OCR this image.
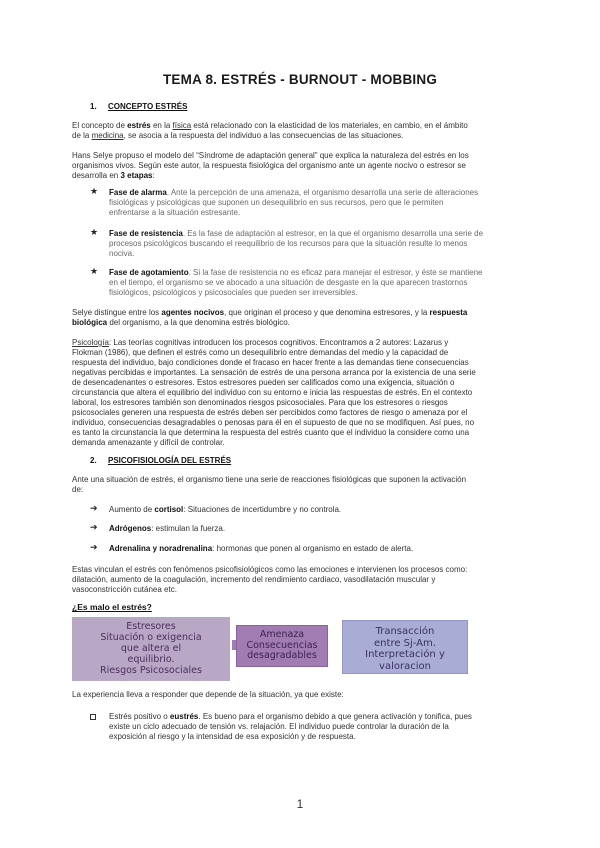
TEMA 8. ESTRÉS - BURNOUT - MOBBING
1. CONCEPTO ESTRÉS
El concepto de estrés en la física está relacionado con la elasticidad de los materiales, en cambio, en el ámbito
de la medicina, se asocia a la respuesta del individuo a las consecuencias de las situaciones.
Hans Selye propuso el modelo del “Síndrome de adaptación general” que explica la naturaleza del estrés en los
organismos vivos. Según este autor, la respuesta fisiológica del organismo ante un agente nocivo o estresor se
desarrolla en 3 etapas:
★ Fase de alarma. Ante la percepción de una amenaza, el organismo desarrolla una serie de alteraciones
fisiológicas y psicológicas que suponen un desequilibrio en sus recursos, pero que le permiten
enfrentarse a la situación estresante.
★ Fase de resistencia. Es la fase de adaptación al estresor, en la que el organismo desarrolla una serie de
procesos psicológicos buscando el reequilibrio de los recursos para que la situación resulte lo menos
nociva.
★ Fase de agotamiento. Si la fase de resistencia no es eficaz para manejar el estresor, y éste se mantiene
en el tiempo, el organismo se ve abocado a una situación de desgaste en la que aparecen trastornos
fisiológicos, psicológicos y psicosociales que pueden ser irreversibles.
Selye distingue entre los agentes nocivos, que originan el proceso y que denomina estresores, y la respuesta
biológica del organismo, a la que denomina estrés biológico.
Psicología: Las teorías cognitivas introducen los procesos cognitivos. Encontramos a 2 autores: Lazarus y
Flokman (1986), que definen el estrés como un desequilibrio entre demandas del medio y la capacidad de
respuesta del individuo, bajo condiciones donde el fracaso en hacer frente a las demandas tiene consecuencias
negativas percibidas e importantes. La sensación de estrés de una persona arranca por la existencia de una serie
de desencadenantes o estresores. Estos estresores pueden ser calificados como una exigencia, situación o
circunstancia que altera el equilibrio del individuo con su entorno e inicia las respuestas de estrés. En el contexto
laboral, los estresores también son denominados riesgos psicosociales. Para que los estresores o riesgos
psicosociales generen una respuesta de estrés deben ser percibidos como factores de riesgo o amenaza por el
individuo, consecuencias desagradables o penosas para él en el supuesto de que no se modifiquen. Así pues, no
es tanto la circunstancia la que determina la respuesta del estrés cuanto que el individuo la considere como una
demanda amenazante y difícil de controlar.
2. PSICOFISIOLOGÍA DEL ESTRÉS
Ante una situación de estrés, el organismo tiene una serie de reacciones fisiológicas que suponen la activación
de:
➔ Aumento de cortisol: Situaciones de incertidumbre y no controla.
➔ Adrógenos: estimulan la fuerza.
➔ Adrenalina y noradrenalina: hormonas que ponen al organismo en estado de alerta.
Estas vinculan el estrés con fenómenos psicofisiológicos como las emociones e intervienen los procesos como:
dilatación, aumento de la coagulación, incremento del rendimiento cardiaco, vasodilatación muscular y
vasoconstricción cutánea etc.
¿Es malo el estrés?
Estresores
Situación o exigencia
que altera el
equilibrio.
Riesgos Psicosociales
Amenaza
Consecuencias
desagradables
Transacción
entre Sj-Am.
Interpretación y
valoracion
La experiencia lleva a responder que depende de la situación, ya que existe:
Estrés positivo o eustrés. Es bueno para el organismo debido a que genera activación y tonifica, pues
existe un ciclo adecuado de tensión vs. relajación. El individuo puede controlar la duración de la
exposición al riesgo y la intensidad de esa exposición y de respuesta.
1
